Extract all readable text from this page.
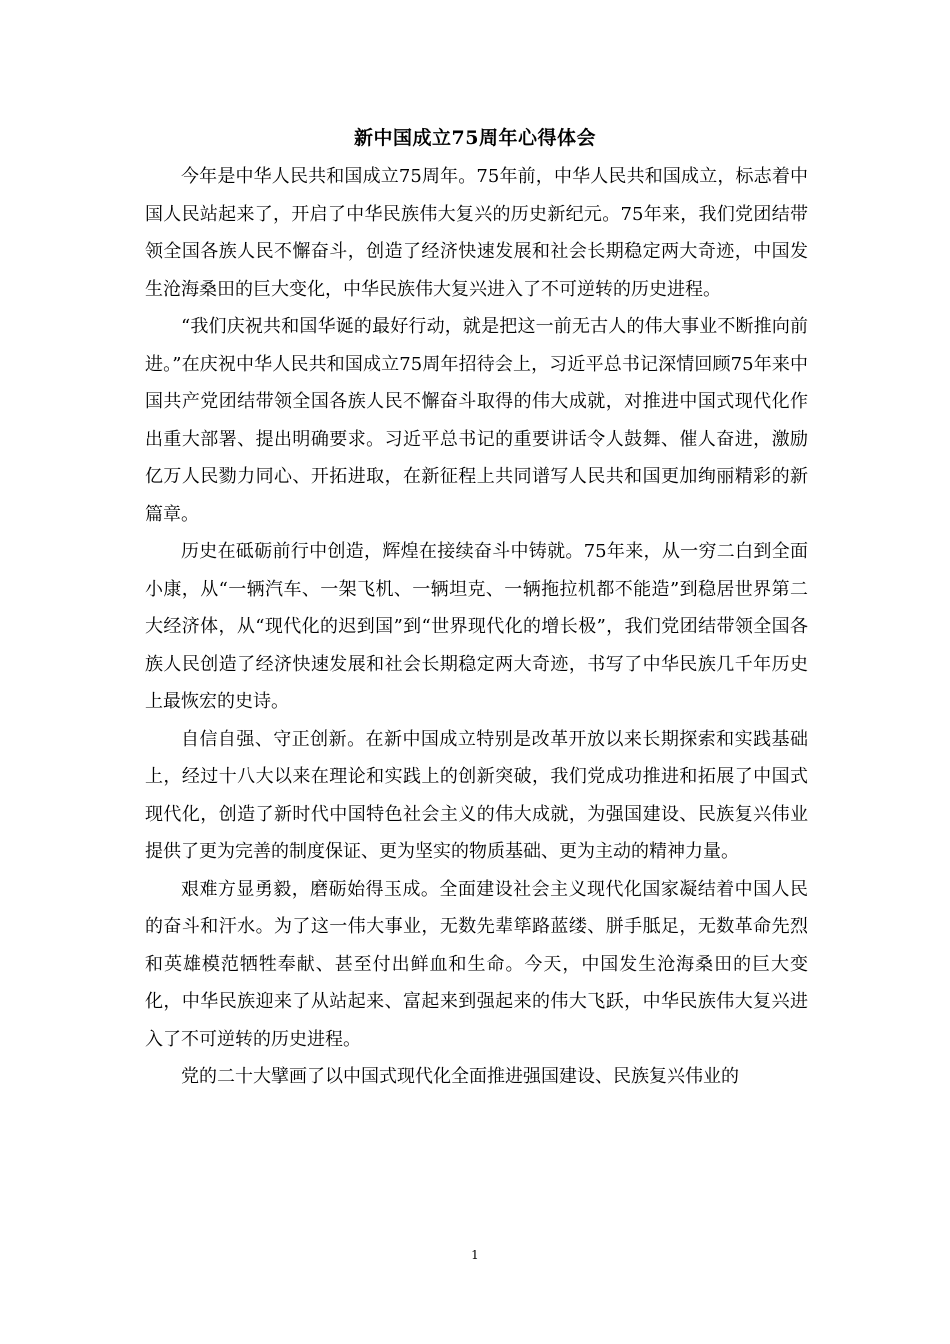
新中国成立75周年心得体会

今年是中华人民共和国成立75周年。75年前，中华人民共和国成立，标志着中国人民站起来了，开启了中华民族伟大复兴的历史新纪元。75年来，我们党团结带领全国各族人民不懈奋斗，创造了经济快速发展和社会长期稳定两大奇迹，中国发生沧海桑田的巨大变化，中华民族伟大复兴进入了不可逆转的历史进程。

“我们庆祝共和国华诞的最好行动，就是把这一前无古人的伟大事业不断推向前进。”在庆祝中华人民共和国成立75周年招待会上，习近平总书记深情回顾75年来中国共产党团结带领全国各族人民不懈奋斗取得的伟大成就，对推进中国式现代化作出重大部署、提出明确要求。习近平总书记的重要讲话令人鼓舞、催人奋进，激励亿万人民勠力同心、开拓进取，在新征程上共同谱写人民共和国更加绚丽精彩的新篇章。

历史在砥砺前行中创造，辉煌在接续奋斗中铸就。75年来，从一穷二白到全面小康，从“一辆汽车、一架飞机、一辆坦克、一辆拖拉机都不能造”到稳居世界第二大经济体，从“现代化的迟到国”到“世界现代化的增长极”，我们党团结带领全国各族人民创造了经济快速发展和社会长期稳定两大奇迹，书写了中华民族几千年历史上最恢宏的史诗。

自信自强、守正创新。在新中国成立特别是改革开放以来长期探索和实践基础上，经过十八大以来在理论和实践上的创新突破，我们党成功推进和拓展了中国式现代化，创造了新时代中国特色社会主义的伟大成就，为强国建设、民族复兴伟业提供了更为完善的制度保证、更为坚实的物质基础、更为主动的精神力量。

艰难方显勇毅，磨砺始得玉成。全面建设社会主义现代化国家凝结着中国人民的奋斗和汗水。为了这一伟大事业，无数先辈筚路蓝缕、胼手胝足，无数革命先烈和英雄模范牺牲奉献、甚至付出鲜血和生命。今天，中国发生沧海桑田的巨大变化，中华民族迎来了从站起来、富起来到强起来的伟大飞跃，中华民族伟大复兴进入了不可逆转的历史进程。

党的二十大擘画了以中国式现代化全面推进强国建设、民族复兴伟业的

1
